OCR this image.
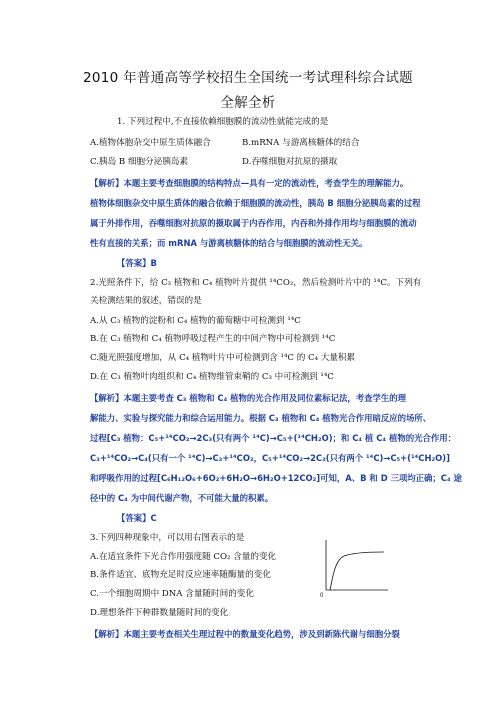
2010 年普通高等学校招生全国统一考试理科综合试题
全解全析
1. 下列过程中,不直接依赖细胞膜的流动性就能完成的是
A.植物体胞杂交中原生质体融合	B.mRNA 与游离核糖体的结合
C.胰岛 B 细胞分泌胰岛素	D.吞噬细胞对抗原的摄取
【解析】本题主要考查细胞膜的结构特点—具有一定的流动性，考查学生的理解能力。
植物体细胞杂交中原生质体的融合依赖于细胞膜的流动性，胰岛 B 细胞分泌胰岛素的过程
属于外排作用，吞噬细胞对抗原的摄取属于内吞作用，内吞和外排作用均与细胞膜的流动
性有直接的关系；而 mRNA 与游离核糖体的结合与细胞膜的流动性无关。
【答案】B
2.光照条件下，给 C₃ 植物和 C₄ 植物叶片提供 ¹⁴CO₂，然后检测叶片中的 ¹⁴C。下列有
关检测结果的叙述，错误的是
A.从 C₃ 植物的淀粉和 C₄ 植物的葡萄糖中可检测到 ¹⁴C
B.在 C₃ 植物和 C₄ 植物呼吸过程产生的中间产物中可检测到 ¹⁴C
C.随光照强度增加，从 C₄ 植物叶片中可检测到含 ¹⁴C 的 C₄ 大量积累
D.在 C₃ 植物叶肉组织和 C₄ 植物维管束鞘的 C₃ 中可检测到 ¹⁴C
【解析】本题主要考查 C₃ 植物和 C₄ 植物的光合作用及同位素标记法，考查学生的理
解能力、实验与探究能力和综合运用能力。根据 C₃ 植物和 C₄ 植物光合作用暗反应的场所、
过程[C₃ 植物：C₅+¹⁴CO₂→2C₃(只有两个 ¹⁴C)→C₅+(¹⁴CH₂O)；和 C₄ 植 C₄ 植物的光合作用：
C₃+¹⁴CO₂→C₄(只有一个 ¹⁴C)→C₃+¹⁴CO₂，C₅+¹⁴CO₂→2C₃(只有两个 ¹⁴C)→C₅+(¹⁴CH₂O)]
和呼吸作用的过程[C₆H₁₂O₆+6O₂+6H₂O→6H₂O+12CO₂]可知，A、B 和 D 三项均正确；C₄ 途
径中的 C₄ 为中间代谢产物，不可能大量的积累。
【答案】C
3.下列四种现象中，可以用右图表示的是
A.在适宜条件下光合作用强度随 CO₂ 含量的变化
B.条件适宜、底物充足时反应速率随酶量的变化
C.一个细胞周期中 DNA 含量随时间的变化
D.理想条件下种群数量随时间的变化
0
【解析】本题主要考查相关生理过程中的数量变化趋势，涉及到新陈代谢与细胞分裂
